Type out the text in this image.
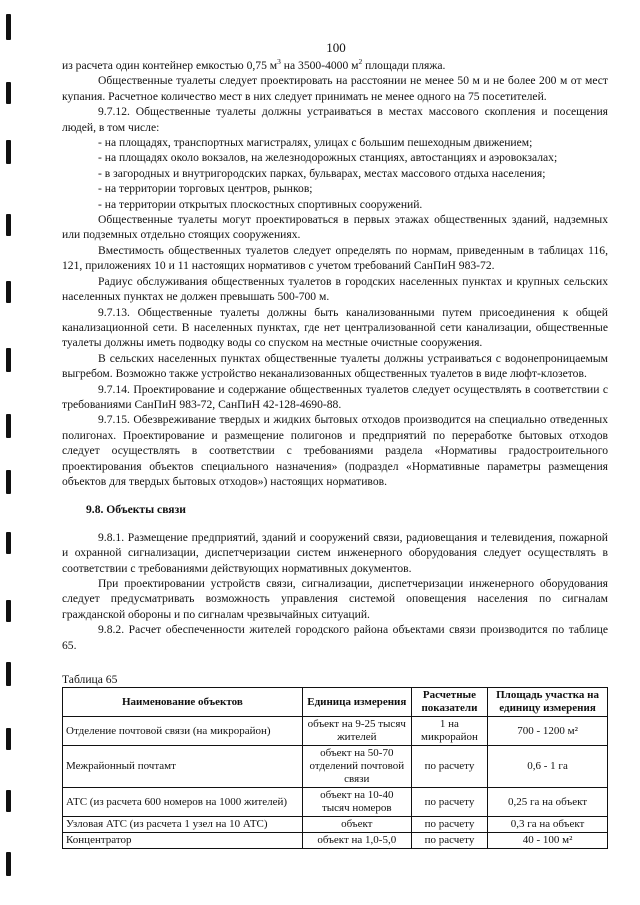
100

из расчета один контейнер емкостью 0,75 $м^3$ на 3500-4000 $м^2$ площади пляжа.

Общественные туалеты следует проектировать на расстоянии не менее 50 м и не более 200 м от мест купания. Расчетное количество мест в них следует принимать не менее одного на 75 посетителей.

9.7.12. Общественные туалеты должны устраиваться в местах массового скопления и посещения людей, в том числе:

- на площадях, транспортных магистралях, улицах с большим пешеходным движением;

- на площадях около вокзалов, на железнодорожных станциях, автостанциях и аэровокзалах;

- в загородных и внутригородских парках, бульварах, местах массового отдыха населения;

- на территории торговых центров, рынков;

- на территории открытых плоскостных спортивных сооружений.

Общественные туалеты могут проектироваться в первых этажах общественных зданий, надземных или подземных отдельно стоящих сооружениях.

Вместимость общественных туалетов следует определять по нормам, приведенным в таблицах 116, 121, приложениях 10 и 11 настоящих нормативов с учетом требований СанПиН 983-72.

Радиус обслуживания общественных туалетов в городских населенных пунктах и крупных сельских населенных пунктах не должен превышать 500-700 м.

9.7.13. Общественные туалеты должны быть канализованными путем присоединения к общей канализационной сети. В населенных пунктах, где нет централизованной сети канализации, общественные туалеты должны иметь подводку воды со спуском на местные очистные сооружения.

В сельских населенных пунктах общественные туалеты должны устраиваться с водонепроницаемым выгребом. Возможно также устройство неканализованных общественных туалетов в виде люфт-клозетов.

9.7.14. Проектирование и содержание общественных туалетов следует осуществлять в соответствии с требованиями СанПиН 983-72, СанПиН 42-128-4690-88.

9.7.15. Обезвреживание твердых и жидких бытовых отходов производится на специально отведенных полигонах. Проектирование и размещение полигонов и предприятий по переработке бытовых отходов следует осуществлять в соответствии с требованиями раздела «Нормативы градостроительного проектирования объектов специального назначения» (подраздел «Нормативные параметры размещения объектов для твердых бытовых отходов») настоящих нормативов.

9.8. Объекты связи

9.8.1. Размещение предприятий, зданий и сооружений связи, радиовещания и телевидения, пожарной и охранной сигнализации, диспетчеризации систем инженерного оборудования следует осуществлять в соответствии с требованиями действующих нормативных документов.

При проектировании устройств связи, сигнализации, диспетчеризации инженерного оборудования следует предусматривать возможность управления системой оповещения населения по сигналам гражданской обороны и по сигналам чрезвычайных ситуаций.

9.8.2. Расчет обеспеченности жителей городского района объектами связи производится по таблице 65.

Таблица 65

Наименование объектов	Единица измерения	Расчетные показатели	Площадь участка на единицу измерения
Отделение почтовой связи (на микрорайон)	объект на 9-25 тысяч жителей	1 на микрорайон	700 - 1200 м²
Межрайонный почтамт	объект на 50-70 отделений почтовой связи	по расчету	0,6 - 1 га
АТС (из расчета 600 номеров на 1000 жителей)	объект на 10-40 тысяч номеров	по расчету	0,25 га на объект
Узловая АТС (из расчета 1 узел на 10 АТС)	объект	по расчету	0,3 га на объект
Концентратор	объект на 1,0-5,0	по расчету	40 - 100 м²
